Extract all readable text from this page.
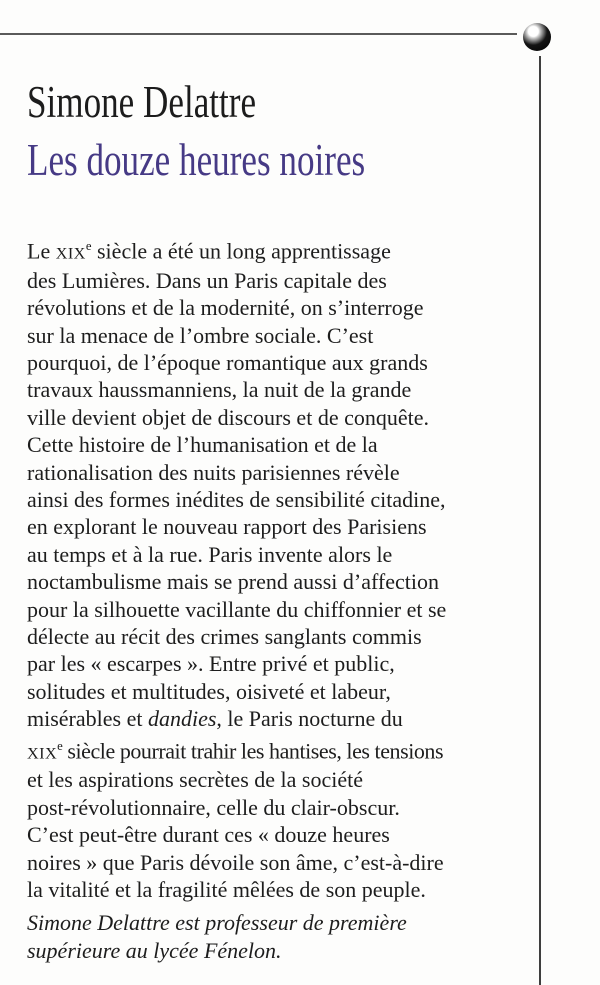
Simone Delattre
Les douze heures noires
Le XIXe siècle a été un long apprentissage
des Lumières. Dans un Paris capitale des
révolutions et de la modernité, on s’interroge
sur la menace de l’ombre sociale. C’est
pourquoi, de l’époque romantique aux grands
travaux haussmanniens, la nuit de la grande
ville devient objet de discours et de conquête.
Cette histoire de l’humanisation et de la
rationalisation des nuits parisiennes révèle
ainsi des formes inédites de sensibilité citadine,
en explorant le nouveau rapport des Parisiens
au temps et à la rue. Paris invente alors le
noctambulisme mais se prend aussi d’affection
pour la silhouette vacillante du chiffonnier et se
délecte au récit des crimes sanglants commis
par les « escarpes ». Entre privé et public,
solitudes et multitudes, oisiveté et labeur,
misérables et dandies, le Paris nocturne du
XIXe siècle pourrait trahir les hantises, les tensions
et les aspirations secrètes de la société
post-révolutionnaire, celle du clair-obscur.
C’est peut-être durant ces « douze heures
noires » que Paris dévoile son âme, c’est-à-dire
la vitalité et la fragilité mêlées de son peuple.
Simone Delattre est professeur de première
supérieure au lycée Fénelon.
